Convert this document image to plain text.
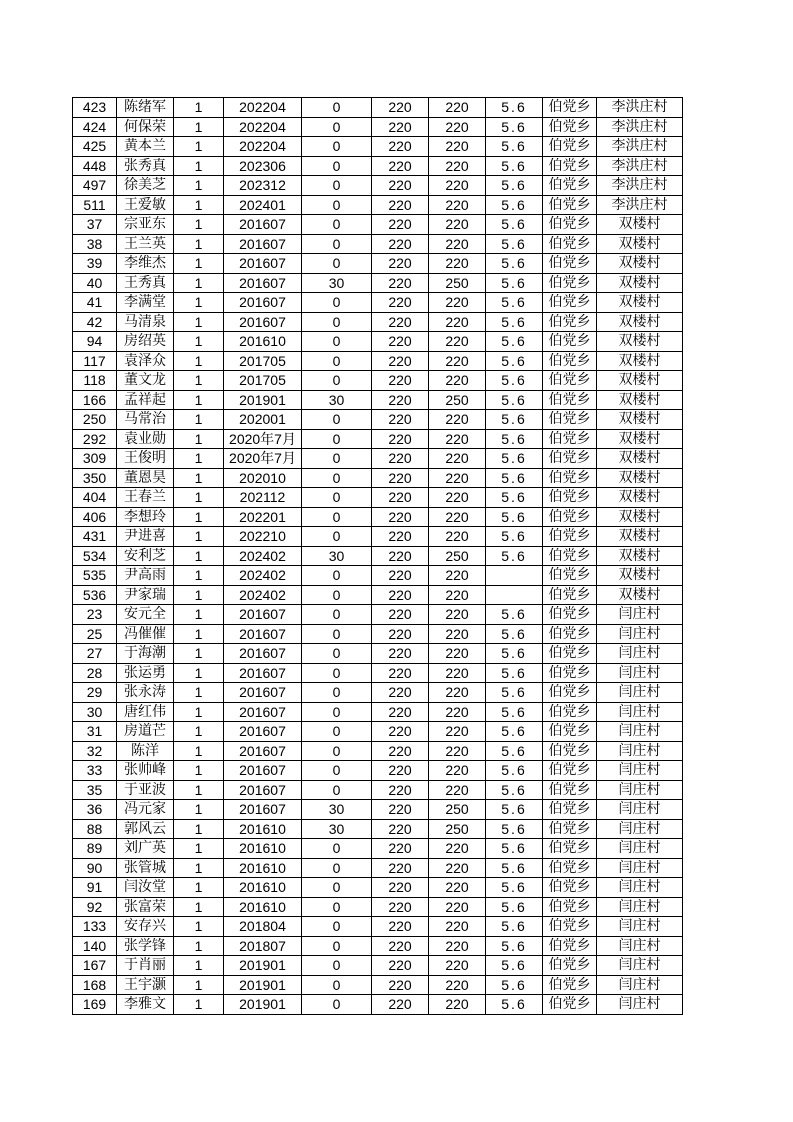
423	陈绪军	1	202204	0	220	220	5.6	伯党乡	李洪庄村
424	何保荣	1	202204	0	220	220	5.6	伯党乡	李洪庄村
425	黄本兰	1	202204	0	220	220	5.6	伯党乡	李洪庄村
448	张秀真	1	202306	0	220	220	5.6	伯党乡	李洪庄村
497	徐美芝	1	202312	0	220	220	5.6	伯党乡	李洪庄村
511	王爱敏	1	202401	0	220	220	5.6	伯党乡	李洪庄村
37	宗亚东	1	201607	0	220	220	5.6	伯党乡	双楼村
38	王兰英	1	201607	0	220	220	5.6	伯党乡	双楼村
39	李维杰	1	201607	0	220	220	5.6	伯党乡	双楼村
40	王秀真	1	201607	30	220	250	5.6	伯党乡	双楼村
41	李满堂	1	201607	0	220	220	5.6	伯党乡	双楼村
42	马清泉	1	201607	0	220	220	5.6	伯党乡	双楼村
94	房绍英	1	201610	0	220	220	5.6	伯党乡	双楼村
117	袁泽众	1	201705	0	220	220	5.6	伯党乡	双楼村
118	董文龙	1	201705	0	220	220	5.6	伯党乡	双楼村
166	孟祥起	1	201901	30	220	250	5.6	伯党乡	双楼村
250	马常治	1	202001	0	220	220	5.6	伯党乡	双楼村
292	袁业勋	1	2020年7月	0	220	220	5.6	伯党乡	双楼村
309	王俊明	1	2020年7月	0	220	220	5.6	伯党乡	双楼村
350	董恩昊	1	202010	0	220	220	5.6	伯党乡	双楼村
404	王春兰	1	202112	0	220	220	5.6	伯党乡	双楼村
406	李想玲	1	202201	0	220	220	5.6	伯党乡	双楼村
431	尹进喜	1	202210	0	220	220	5.6	伯党乡	双楼村
534	安利芝	1	202402	30	220	250	5.6	伯党乡	双楼村
535	尹高雨	1	202402	0	220	220		伯党乡	双楼村
536	尹家瑞	1	202402	0	220	220		伯党乡	双楼村
23	安元全	1	201607	0	220	220	5.6	伯党乡	闫庄村
25	冯催催	1	201607	0	220	220	5.6	伯党乡	闫庄村
27	于海潮	1	201607	0	220	220	5.6	伯党乡	闫庄村
28	张运勇	1	201607	0	220	220	5.6	伯党乡	闫庄村
29	张永涛	1	201607	0	220	220	5.6	伯党乡	闫庄村
30	唐红伟	1	201607	0	220	220	5.6	伯党乡	闫庄村
31	房道芒	1	201607	0	220	220	5.6	伯党乡	闫庄村
32	陈洋	1	201607	0	220	220	5.6	伯党乡	闫庄村
33	张帅峰	1	201607	0	220	220	5.6	伯党乡	闫庄村
35	于亚波	1	201607	0	220	220	5.6	伯党乡	闫庄村
36	冯元家	1	201607	30	220	250	5.6	伯党乡	闫庄村
88	郭风云	1	201610	30	220	250	5.6	伯党乡	闫庄村
89	刘广英	1	201610	0	220	220	5.6	伯党乡	闫庄村
90	张管城	1	201610	0	220	220	5.6	伯党乡	闫庄村
91	闫汝堂	1	201610	0	220	220	5.6	伯党乡	闫庄村
92	张富荣	1	201610	0	220	220	5.6	伯党乡	闫庄村
133	安存兴	1	201804	0	220	220	5.6	伯党乡	闫庄村
140	张学锋	1	201807	0	220	220	5.6	伯党乡	闫庄村
167	于肖丽	1	201901	0	220	220	5.6	伯党乡	闫庄村
168	王宇灏	1	201901	0	220	220	5.6	伯党乡	闫庄村
169	李雅文	1	201901	0	220	220	5.6	伯党乡	闫庄村
